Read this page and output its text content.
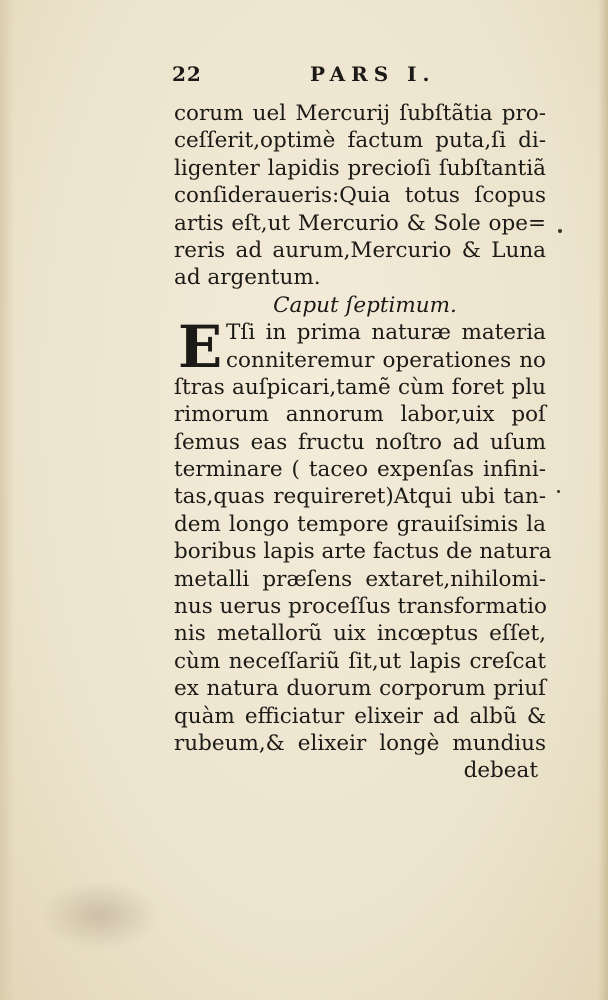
22	PARS I.
corum uel Mercurij ſubſtãtia pro-
ceſſerit,optimè factum puta,ſi di-
ligenter lapidis precioſi ſubſtantiã
conſideraueris:Quia totus ſcopus
artis eſt,ut Mercurio & Sole ope=
reris ad aurum,Mercurio & Luna
ad argentum.
Caput ſeptimum.
E Tſi in prima naturæ materia
conniteremur operationes no
ſtras auſpicari,tamẽ cùm foret plu
rimorum annorum labor,uix poſ
ſemus eas fructu noſtro ad uſum
terminare ( taceo expenſas infini-
tas,quas requireret)Atqui ubi tan-
dem longo tempore grauiſsimis la
boribus lapis arte factus de natura
metalli præſens extaret,nihilomi-
nus uerus proceſſus transformatio
nis metallorũ uix incœptus eſſet,
cùm neceſſariũ ſit,ut lapis creſcat
ex natura duorum corporum priuſ
quàm efficiatur elixeir ad albũ &
rubeum,& elixeir longè mundius
debeat
